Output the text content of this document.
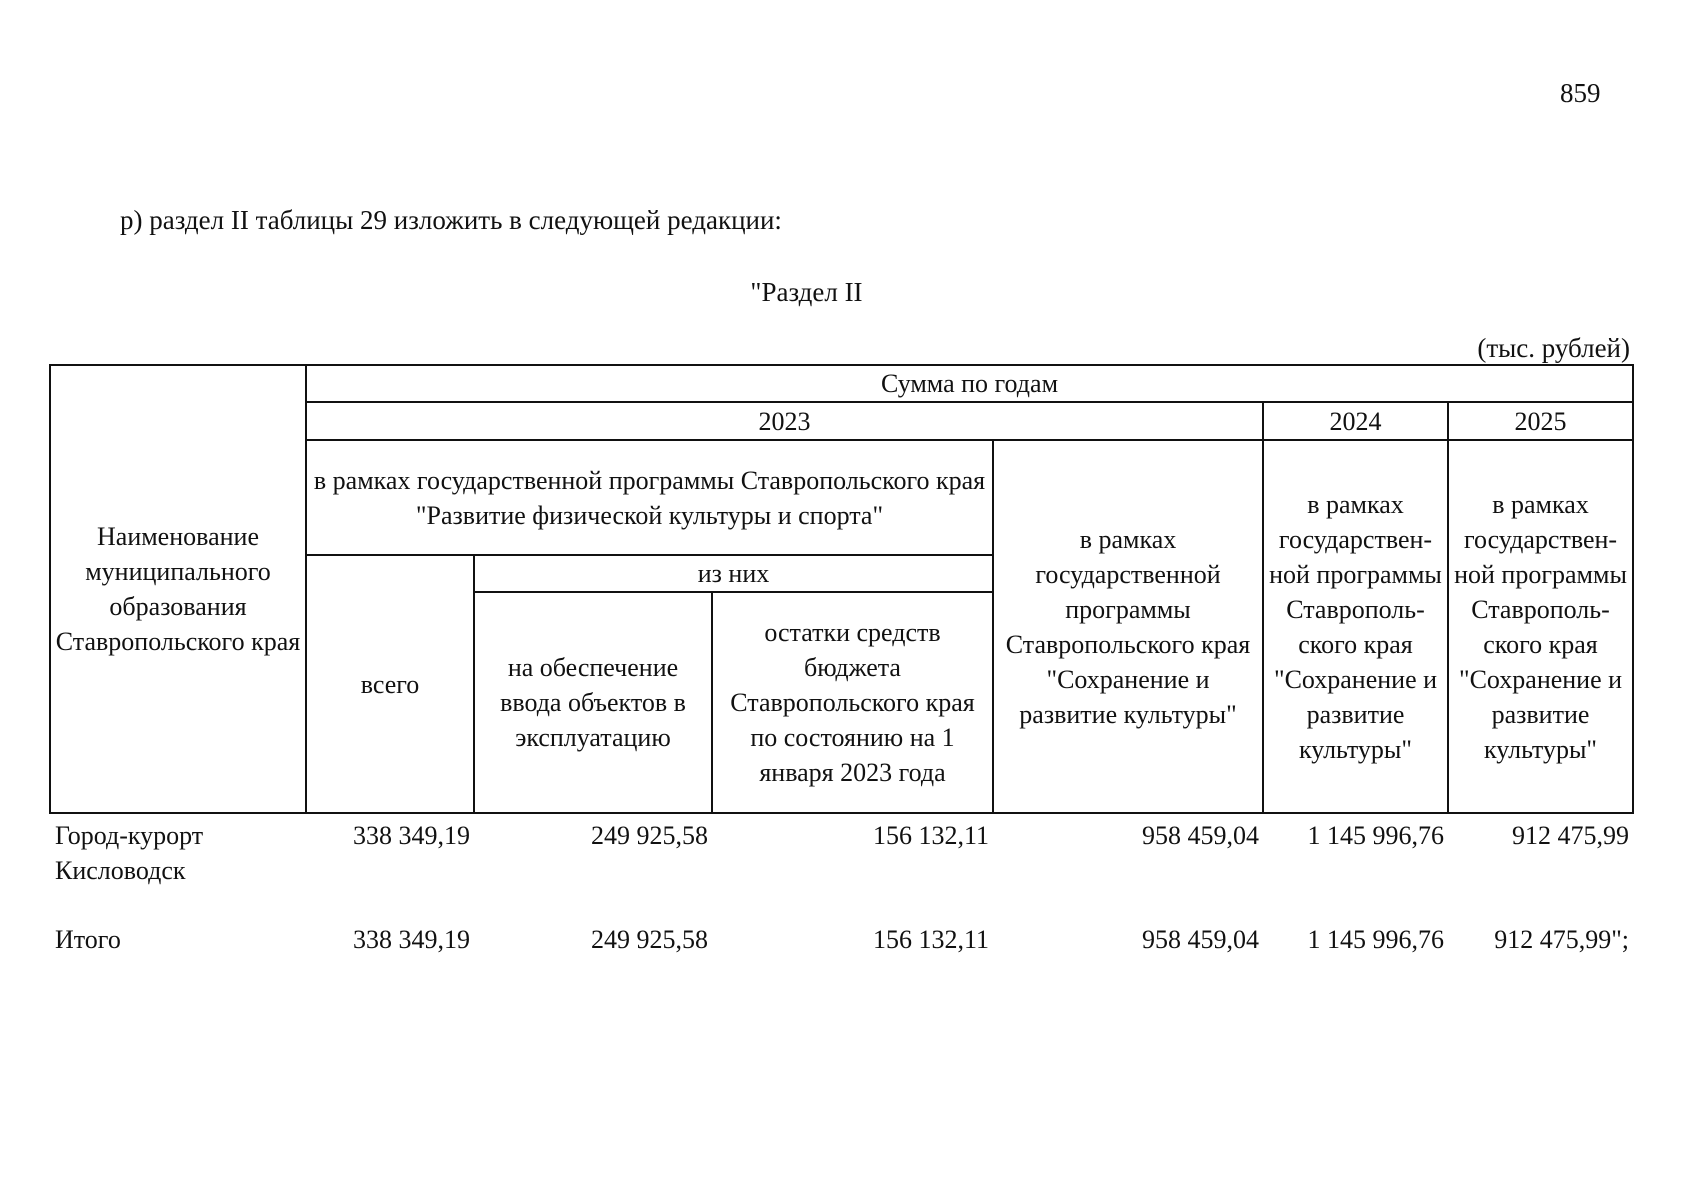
859
р) раздел II таблицы 29 изложить в следующей редакции:
"Раздел II
(тыс. рублей)
Наименование муниципального образования Ставропольского края	Сумма по годам					
	2023				2024	2025
	в рамках государственной программы Ставропольского края "Развитие физической культуры и спорта"			в рамках государственной программы Ставропольского края "Сохранение и развитие культуры"	в рамках государствен-ной программы Ставрополь-ского края "Сохранение и развитие культуры"	в рамках государствен-ной программы Ставрополь-ского края "Сохранение и развитие культуры"
	всего	из них				
		на обеспечение ввода объектов в эксплуатацию	остатки средств бюджета Ставропольского края по состоянию на 1 января 2023 года			
Город-курорт Кисловодск	338 349,19	249 925,58	156 132,11	958 459,04	1 145 996,76	912 475,99
Итого	338 349,19	249 925,58	156 132,11	958 459,04	1 145 996,76	912 475,99";
